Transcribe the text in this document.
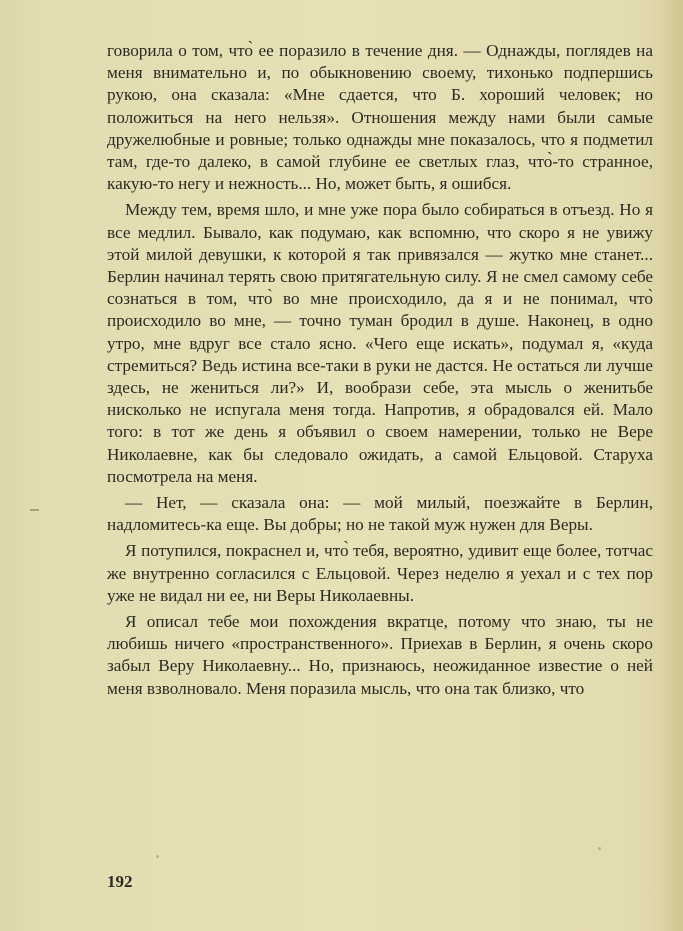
говорила о том, что̀ ее поразило в течение дня. — Однажды, поглядев на меня внимательно и, по обыкновению своему, тихонько подпершись рукою, она сказала: «Мне сдается, что Б. хороший человек; но положиться на него нельзя». Отношения между нами были самые дружелюбные и ровные; только однажды мне показалось, что я подметил там, где-то далеко, в самой глубине ее светлых глаз, что̀-то странное, какую-то негу и нежность... Но, может быть, я ошибся.

Между тем, время шло, и мне уже пора было собираться в отъезд. Но я все медлил. Бывало, как подумаю, как вспомню, что скоро я не увижу этой милой девушки, к которой я так привязался — жутко мне станет... Берлин начинал терять свою притягательную силу. Я не смел самому себе сознаться в том, что̀ во мне происходило, да я и не понимал, что̀ происходило во мне, — точно туман бродил в душе. Наконец, в одно утро, мне вдруг все стало ясно. «Чего еще искать», подумал я, «куда стремиться? Ведь истина все-таки в руки не дастся. Не остаться ли лучше здесь, не жениться ли?» И, вообрази себе, эта мысль о женитьбе нисколько не испугала меня тогда. Напротив, я обрадовался ей. Мало того: в тот же день я объявил о своем намерении, только не Вере Николаевне, как бы следовало ожидать, а самой Ельцовой. Старуха посмотрела на меня.

— Нет, — сказала она: — мой милый, поезжайте в Берлин, надломитесь-ка еще. Вы добры; но не такой муж нужен для Веры.

Я потупился, покраснел и, что̀ тебя, вероятно, удивит еще более, тотчас же внутренно согласился с Ельцовой. Через неделю я уехал и с тех пор уже не видал ни ее, ни Веры Николаевны.

Я описал тебе мои похождения вкратце, потому что знаю, ты не любишь ничего «пространственного». Приехав в Берлин, я очень скоро забыл Веру Николаевну... Но, признаюсь, неожиданное известие о ней меня взволновало. Меня поразила мысль, что она так близко, что

192
